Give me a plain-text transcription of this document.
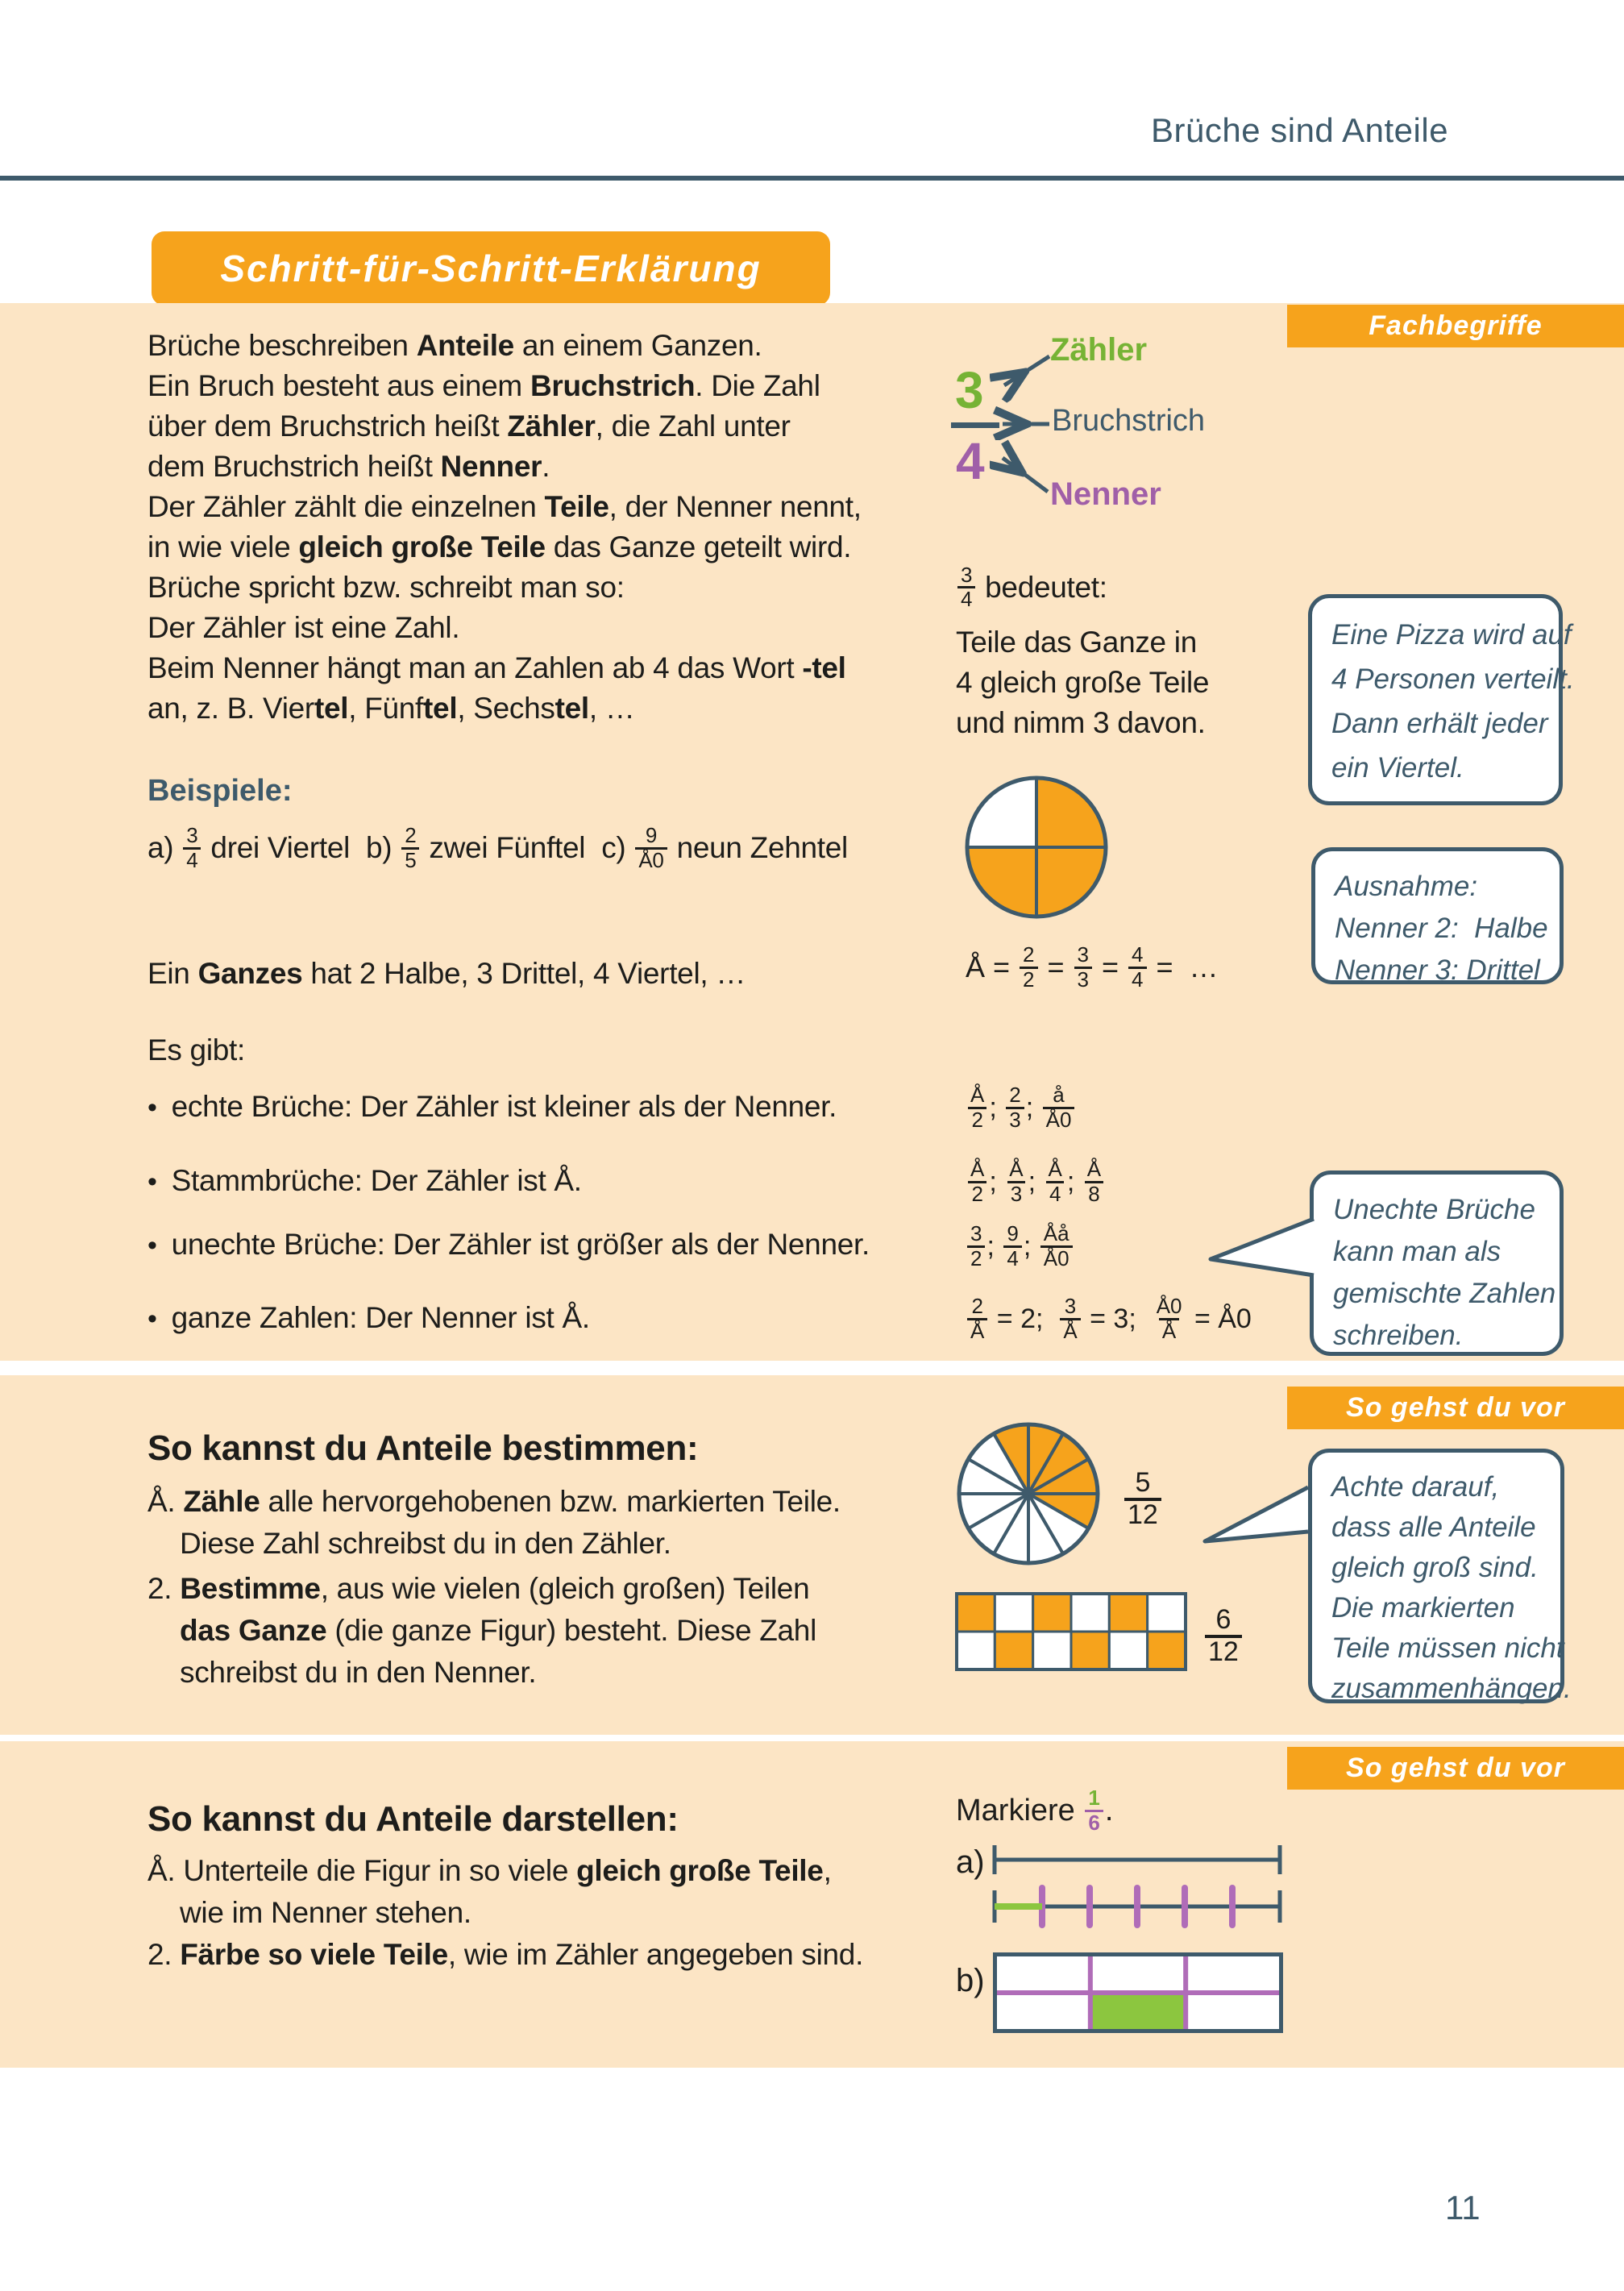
Brüche sind Anteile
Schritt-für-Schritt-Erklärung
Fachbegriffe
So gehst du vor
So gehst du vor
Brüche beschreiben Anteile an einem Ganzen.
Ein Bruch besteht aus einem Bruchstrich. Die Zahl
über dem Bruchstrich heißt Zähler, die Zahl unter
dem Bruchstrich heißt Nenner.
Der Zähler zählt die einzelnen Teile, der Nenner nennt,
in wie viele gleich große Teile das Ganze geteilt wird.
Brüche spricht bzw. schreibt man so:
Der Zähler ist eine Zahl.
Beim Nenner hängt man an Zahlen ab 4 das Wort -tel
an, z. B. Viertel, Fünftel, Sechstel, …
3
4
Zähler
Bruchstrich
Nenner
$\frac{3}{4}$ bedeutet:
Teile das Ganze in
4 gleich große Teile
und nimm 3 davon.
Beispiele:
$a) \frac{3}{4}$ drei Viertel  $b) \frac{2}{5}$ zwei Fünftel  $c) \frac{9}{Å0}$ neun Zehntel
Ein Ganzes hat 2 Halbe, 3 Drittel, 4 Viertel, …	Å = $\frac{2}{2} = \frac{3}{3} = \frac{4}{4}$ =  …
Es gibt:
• echte Brüche: Der Zähler ist kleiner als der Nenner.
• Stammbrüche: Der Zähler ist Å.
• unechte Brüche: Der Zähler ist größer als der Nenner.
• ganze Zahlen: Der Nenner ist Å.
$\frac{Å}{2}$ ; $\frac{2}{3}$ ; $\frac{å}{Å0}$
$\frac{Å}{2}$ ; $\frac{Å}{3}$ ; $\frac{Å}{4}$ ; $\frac{Å}{8}$
$\frac{3}{2}$ ; $\frac{9}{4}$ ; $\frac{Åå}{Å0}$
$\frac{2}{Å} = 2$; $\frac{3}{Å} = 3$; $\frac{Å0}{Å}$ = Å0
Eine Pizza wird auf
4 Personen verteilt.
Dann erhält jeder
ein Viertel.
Ausnahme:
Nenner 2:  Halbe
Nenner 3: Drittel
Unechte Brüche
kann man als
gemischte Zahlen
schreiben.
So kannst du Anteile bestimmen:
Å. Zähle alle hervorgehobenen bzw. markierten Teile.
Diese Zahl schreibst du in den Zähler.
2. Bestimme , aus wie vielen (gleich großen) Teilen
das Ganze (die ganze Figur) besteht. Diese Zahl
schreibst du in den Nenner.
$\frac{5}{12}$
$\frac{6}{12}$
Achte darauf,
dass alle Anteile
gleich groß sind.
Die markierten
Teile müssen nicht
zusammenhängen.
So kannst du Anteile darstellen:
Å. Unterteile die Figur in so viele gleich große Teile ,
wie im Nenner stehen.
2. Färbe so viele Teile , wie im Zähler angegeben sind.
Markiere $\frac{1}{6}$ .
a)
b)
11
